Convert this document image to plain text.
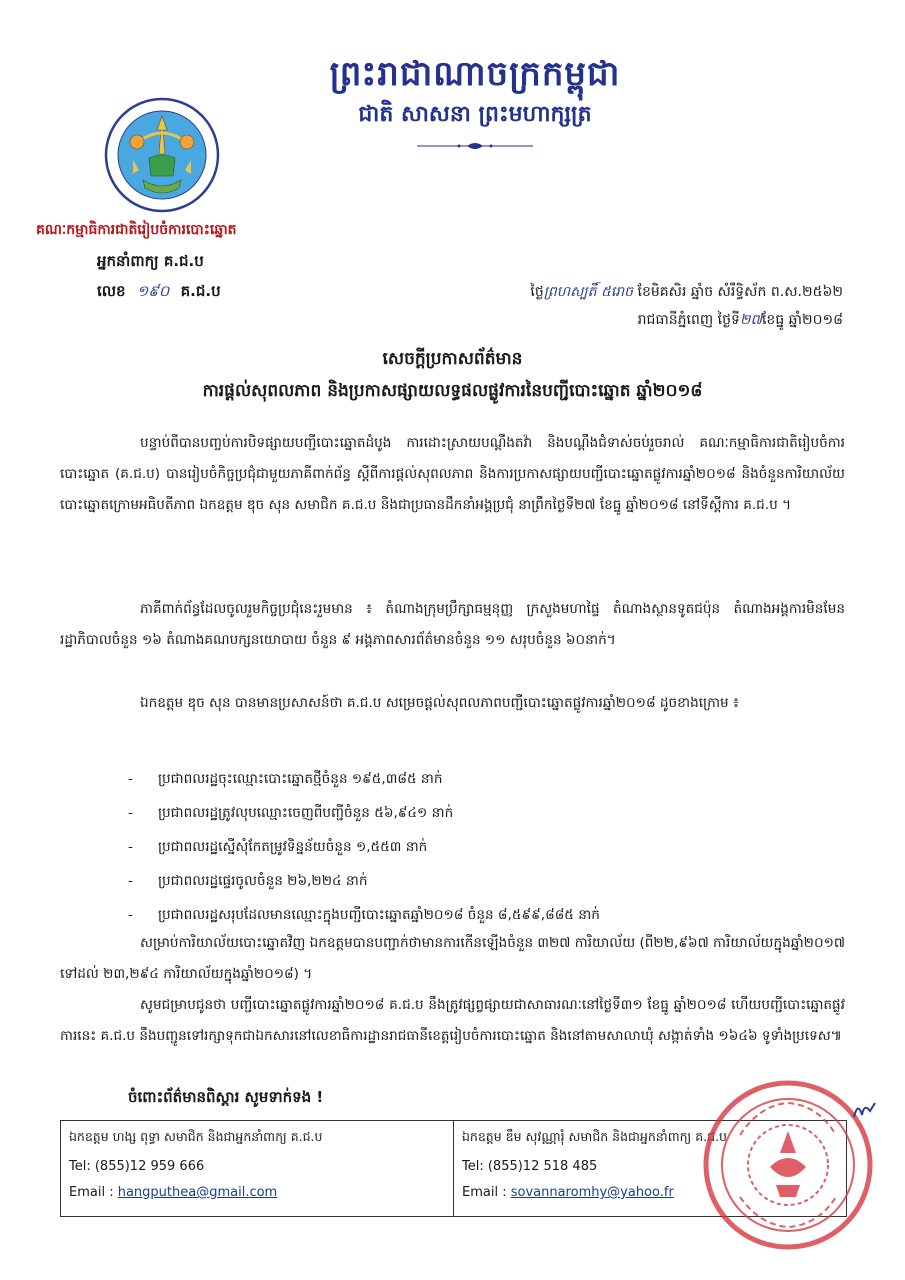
ព្រះរាជាណាចក្រកម្ពុជា
ជាតិ សាសនា ព្រះមហាក្សត្រ
គណៈកម្មាធិការជាតិរៀបចំការបោះឆ្នោត
អ្នកនាំពាក្យ គ.ជ.ប
លេខ ១៩០ គ.ជ.ប	ថ្ងៃព្រហស្បតិ៍ ៥រោច ខែមិគសិរ ឆ្នាំច សំរឹទ្ធិស័ក ព.ស.២៥៦២
រាជធានីភ្នំពេញ ថ្ងៃទី២៧ខែធ្នូ ឆ្នាំ២០១៨
សេចក្តីប្រកាសព័ត៌មាន
ការផ្តល់សុពលភាព និងប្រកាសផ្សាយលទ្ធផលផ្លូវការនៃបញ្ជីបោះឆ្នោត ឆ្នាំ២០១៨
បន្ទាប់ពីបានបញ្ចប់ការបិទផ្សាយបញ្ជីបោះឆ្នោតដំបូង ការដោះស្រាយបណ្តឹងតវ៉ា និងបណ្តឹងជំទាស់ចប់រួចរាល់ គណៈកម្មាធិការជាតិរៀបចំការបោះឆ្នោត (គ.ជ.ប) បានរៀបចំកិច្ចប្រជុំជាមួយភាគីពាក់ព័ន្ធ ស្តីពីការផ្តល់សុពលភាព និងការប្រកាសផ្សាយបញ្ជីបោះឆ្នោតផ្លូវការឆ្នាំ២០១៨ និងចំនួនការិយាល័យបោះឆ្នោតក្រោមអធិបតីភាព ឯកឧត្តម ឌុច សុន សមាជិក គ.ជ.ប និងជាប្រធានដឹកនាំអង្គប្រជុំ នាព្រឹកថ្ងៃទី២៧ ខែធ្នូ ឆ្នាំ២០១៨ នៅទីស្តីការ គ.ជ.ប ។
ភាគីពាក់ព័ន្ធដែលចូលរួមកិច្ចប្រជុំនេះរួមមាន ៖ តំណាងក្រុមប្រឹក្សាធម្មនុញ្ញ ក្រសួងមហាផ្ទៃ តំណាងស្ថានទូតជប៉ុន តំណាងអង្គការមិនមែនរដ្ឋាភិបាលចំនួន ១៦ តំណាងគណបក្សនយោបាយ ចំនួន ៩ អង្គភាពសារព័ត៌មានចំនួន ១១ សរុបចំនួន ៦០នាក់។
ឯកឧត្តម ឌុច សុន បានមានប្រសាសន៍ថា គ.ជ.ប សម្រេចផ្តល់សុពលភាពបញ្ជីបោះឆ្នោតផ្លូវការឆ្នាំ២០១៨ ដូចខាងក្រោម ៖
- ប្រជាពលរដ្ឋចុះឈ្មោះបោះឆ្នោតថ្មីចំនួន ១៩៥,៣៨៥ នាក់
- ប្រជាពលរដ្ឋត្រូវលុបឈ្មោះចេញពីបញ្ជីចំនួន ៥៦,៩៤១ នាក់
- ប្រជាពលរដ្ឋស្នើសុំកែតម្រូវទិន្នន័យចំនួន ១,៥៥៣ នាក់
- ប្រជាពលរដ្ឋផ្ទេរចូលចំនួន ២៦,២២៤ នាក់
- ប្រជាពលរដ្ឋសរុបដែលមានឈ្មោះក្នុងបញ្ជីបោះឆ្នោតឆ្នាំ២០១៨ ចំនួន ៨,៥៩៩,៨៨៥ នាក់
សម្រាប់ការិយាល័យបោះឆ្នោតវិញ ឯកឧត្តមបានបញ្ជាក់ថាមានការកើនឡើងចំនួន ៣២៧ ការិយាល័យ (ពី២២,៩៦៧ ការិយាល័យក្នុងឆ្នាំ២០១៧ ទៅដល់ ២៣,២៩៤ ការិយាល័យក្នុងឆ្នាំ២០១៨) ។
សូមជម្រាបជូនថា បញ្ជីបោះឆ្នោតផ្លូវការឆ្នាំ២០១៨ គ.ជ.ប នឹងត្រូវផ្សព្វផ្សាយជាសាធារណៈនៅថ្ងៃទី៣១ ខែធ្នូ ឆ្នាំ២០១៨ ហើយបញ្ជីបោះឆ្នោតផ្លូវការនេះ គ.ជ.ប នឹងបញ្ជូនទៅរក្សាទុកជាឯកសារនៅលេខាធិការដ្ឋានរាជធានីខេត្តរៀបចំការបោះឆ្នោត និងនៅតាមសាលាឃុំ សង្កាត់ទាំង ១៦៤៦ ទូទាំងប្រទេស៕
ចំពោះព័ត៌មានពិស្តារ សូមទាក់ទង !
ឯកឧត្តម ហង្ស ពុទ្ធា សមាជិក និងជាអ្នកនាំពាក្យ គ.ជ.ប
Tel: (855)12 959 666
Email : hangputhea@gmail.com
ឯកឧត្តម ឌឹម សុវណ្ណារុំ សមាជិក និងជាអ្នកនាំពាក្យ គ.ជ.ប
Tel: (855)12 518 485
Email : sovannaromhy@yahoo.fr
